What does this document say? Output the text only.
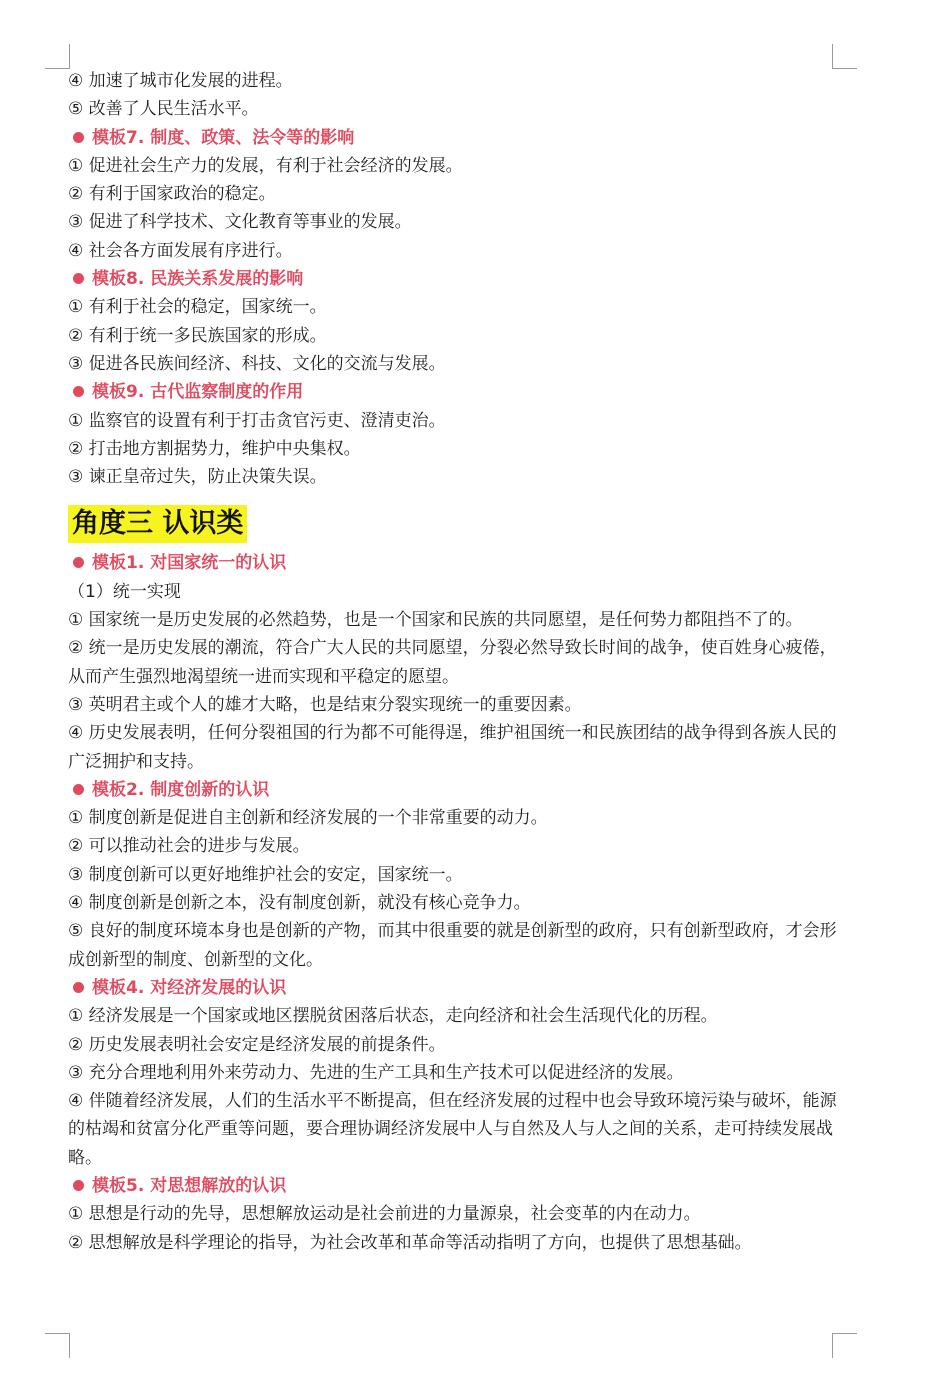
④ 加速了城市化发展的进程。
⑤ 改善了人民生活水平。
模板7. 制度、政策、法令等的影响
① 促进社会生产力的发展，有利于社会经济的发展。
② 有利于国家政治的稳定。
③ 促进了科学技术、文化教育等事业的发展。
④ 社会各方面发展有序进行。
模板8. 民族关系发展的影响
① 有利于社会的稳定，国家统一。
② 有利于统一多民族国家的形成。
③ 促进各民族间经济、科技、文化的交流与发展。
模板9. 古代监察制度的作用
① 监察官的设置有利于打击贪官污吏、澄清吏治。
② 打击地方割据势力，维护中央集权。
③ 谏正皇帝过失，防止决策失误。
角度三 认识类
模板1. 对国家统一的认识
（1）统一实现
① 国家统一是历史发展的必然趋势，也是一个国家和民族的共同愿望，是任何势力都阻挡不了的。
② 统一是历史发展的潮流，符合广大人民的共同愿望，分裂必然导致长时间的战争，使百姓身心疲倦，从而产生强烈地渴望统一进而实现和平稳定的愿望。
③ 英明君主或个人的雄才大略，也是结束分裂实现统一的重要因素。
④ 历史发展表明，任何分裂祖国的行为都不可能得逞，维护祖国统一和民族团结的战争得到各族人民的广泛拥护和支持。
模板2. 制度创新的认识
① 制度创新是促进自主创新和经济发展的一个非常重要的动力。
② 可以推动社会的进步与发展。
③ 制度创新可以更好地维护社会的安定，国家统一。
④ 制度创新是创新之本，没有制度创新，就没有核心竞争力。
⑤ 良好的制度环境本身也是创新的产物，而其中很重要的就是创新型的政府，只有创新型政府，才会形成创新型的制度、创新型的文化。
模板4. 对经济发展的认识
① 经济发展是一个国家或地区摆脱贫困落后状态，走向经济和社会生活现代化的历程。
② 历史发展表明社会安定是经济发展的前提条件。
③ 充分合理地利用外来劳动力、先进的生产工具和生产技术可以促进经济的发展。
④ 伴随着经济发展，人们的生活水平不断提高，但在经济发展的过程中也会导致环境污染与破坏，能源的枯竭和贫富分化严重等问题，要合理协调经济发展中人与自然及人与人之间的关系，走可持续发展战略。
模板5. 对思想解放的认识
① 思想是行动的先导，思想解放运动是社会前进的力量源泉，社会变革的内在动力。
② 思想解放是科学理论的指导，为社会改革和革命等活动指明了方向，也提供了思想基础。
